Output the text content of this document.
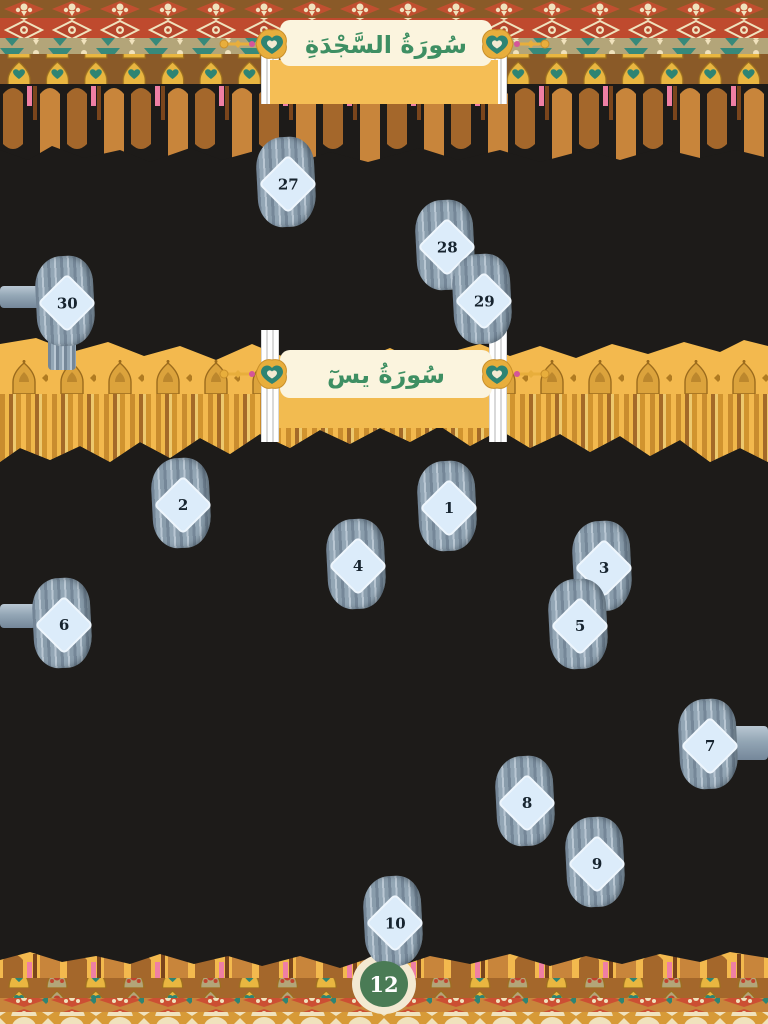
سُورَةُ السَّجْدَةِ
سُورَةُ يسٓ
12
27
28
29
30
1
2
3
4
5
6
7
8
9
10
